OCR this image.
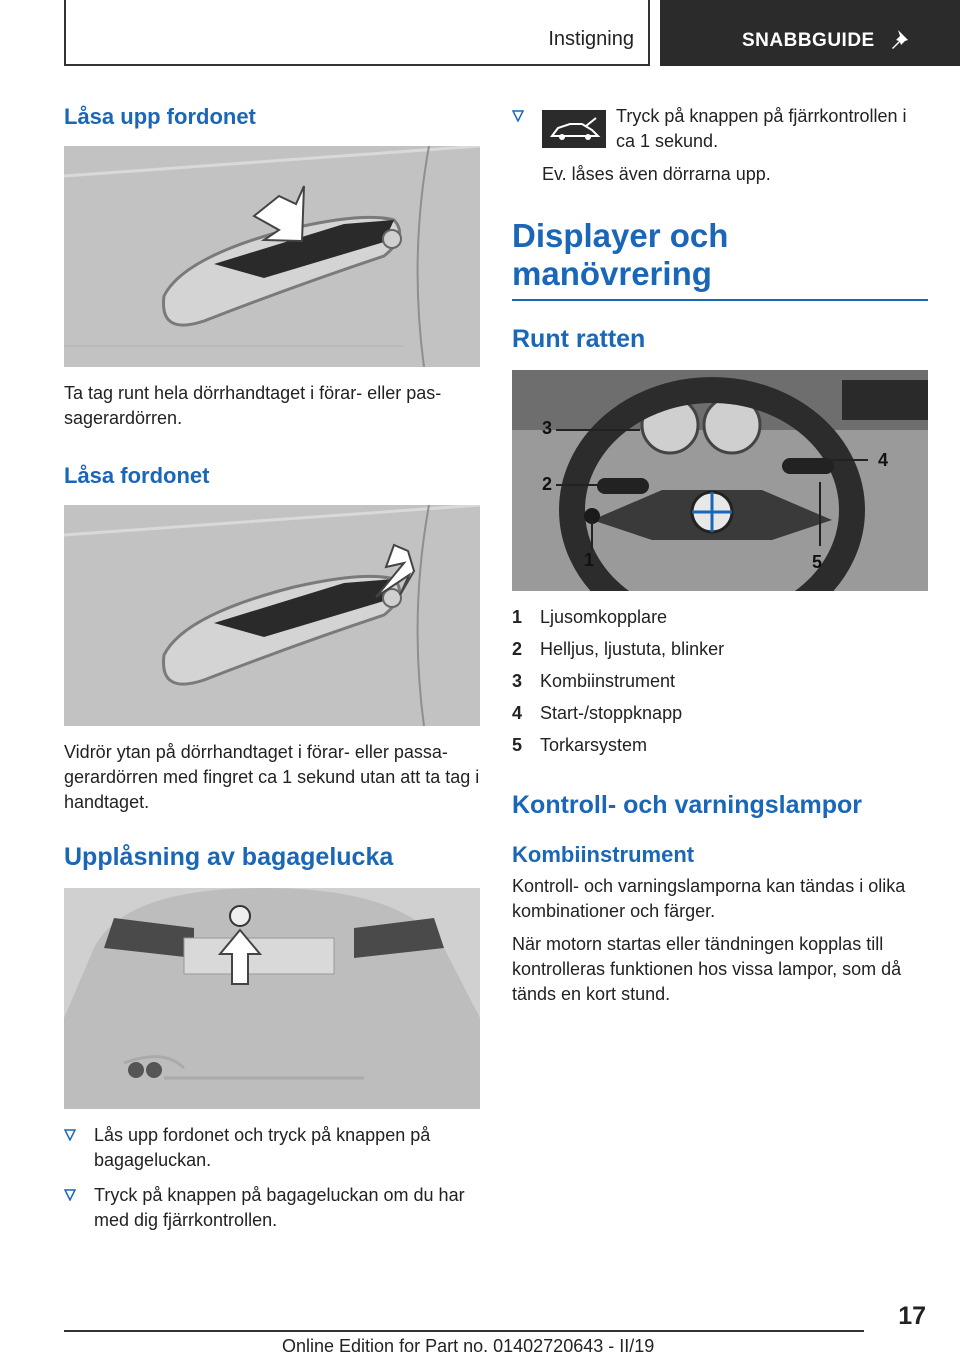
Instigning	SNABBGUIDE
Låsa upp fordonet

Ta tag runt hela dörrhandtaget i förar- eller pas-sagerardörren.

Låsa fordonet

Vidrör ytan på dörrhandtaget i förar- eller passa-gerardörren med fingret ca 1 sekund utan att ta tag i handtaget.

Upplåsning av bagagelucka
Lås upp fordonet och tryck på knappen på bagageluckan.
Tryck på knappen på bagageluckan om du har med dig fjärrkontrollen.
Tryck på knappen på fjärrkontrollen i ca 1 sekund.

Ev. låses även dörrarna upp.

Displayer och manövrering
Runt ratten
3
2
1
4
5
1 Ljusomkopplare
2 Helljus, ljustuta, blinker
3 Kombiinstrument
4 Start-/stoppknapp
5 Torkarsystem
Kontroll- och varningslampor
Kombiinstrument

Kontroll- och varningslamporna kan tändas i olika kombinationer och färger.

När motorn startas eller tändningen kopplas till kontrolleras funktionen hos vissa lampor, som då tänds en kort stund.

17
Online Edition for Part no. 01402720643 - II/19
